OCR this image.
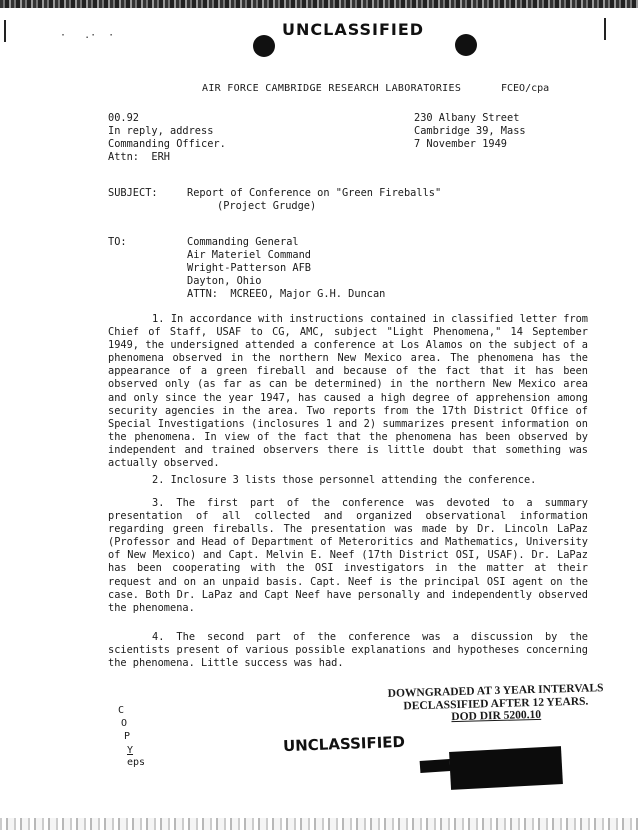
·   .·  ·	UNCLASSIFIED
AIR FORCE CAMBRIDGE RESEARCH LABORATORIES	FCEO/cpa
00.92
In reply, address
Commanding Officer.
Attn:  ERH
230 Albany Street
Cambridge 39, Mass
7 November 1949
SUBJECT:	Report of Conference on "Green Fireballs"
(Project Grudge)
TO:	Commanding General
Air Materiel Command
Wright-Patterson AFB
Dayton, Ohio
ATTN:  MCREEO, Major G.H. Duncan
1. In accordance with instructions contained in classified letter from Chief of Staff, USAF to CG, AMC, subject "Light Phenomena," 14 September 1949, the undersigned attended a conference at Los Alamos on the subject of a phenomena observed in the northern New Mexico area. The phenomena has the appearance of a green fireball and because of the fact that it has been observed only (as far as can be determined) in the northern New Mexico area and only since the year 1947, has caused a high degree of apprehension among security agencies in the area. Two reports from the 17th District Office of Special Investigations (inclosures 1 and 2) summarizes present information on the phenomena. In view of the fact that the phenomena has been observed by independent and trained observers there is little doubt that something was actually observed.
2. Inclosure 3 lists those personnel attending the conference.
3. The first part of the conference was devoted to a summary presentation of all collected and organized observational information regarding green fireballs. The presentation was made by Dr. Lincoln LaPaz (Professor and Head of Department of Meteroritics and Mathematics, University of New Mexico) and Capt. Melvin E. Neef (17th District OSI, USAF). Dr. LaPaz has been cooperating with the OSI investigators in the matter at their request and on an unpaid basis. Capt. Neef is the principal OSI agent on the case. Both Dr. LaPaz and Capt Neef have personally and independently observed the phenomena.
4. The second part of the conference was a discussion by the scientists present of various possible explanations and hypotheses concerning the phenomena. Little success was had.
DOWNGRADED AT 3 YEAR INTERVALS
DECLASSIFIED AFTER 12 YEARS.
DOD DIR 5200.10
C
O
P
Y
eps
UNCLASSIFIED
